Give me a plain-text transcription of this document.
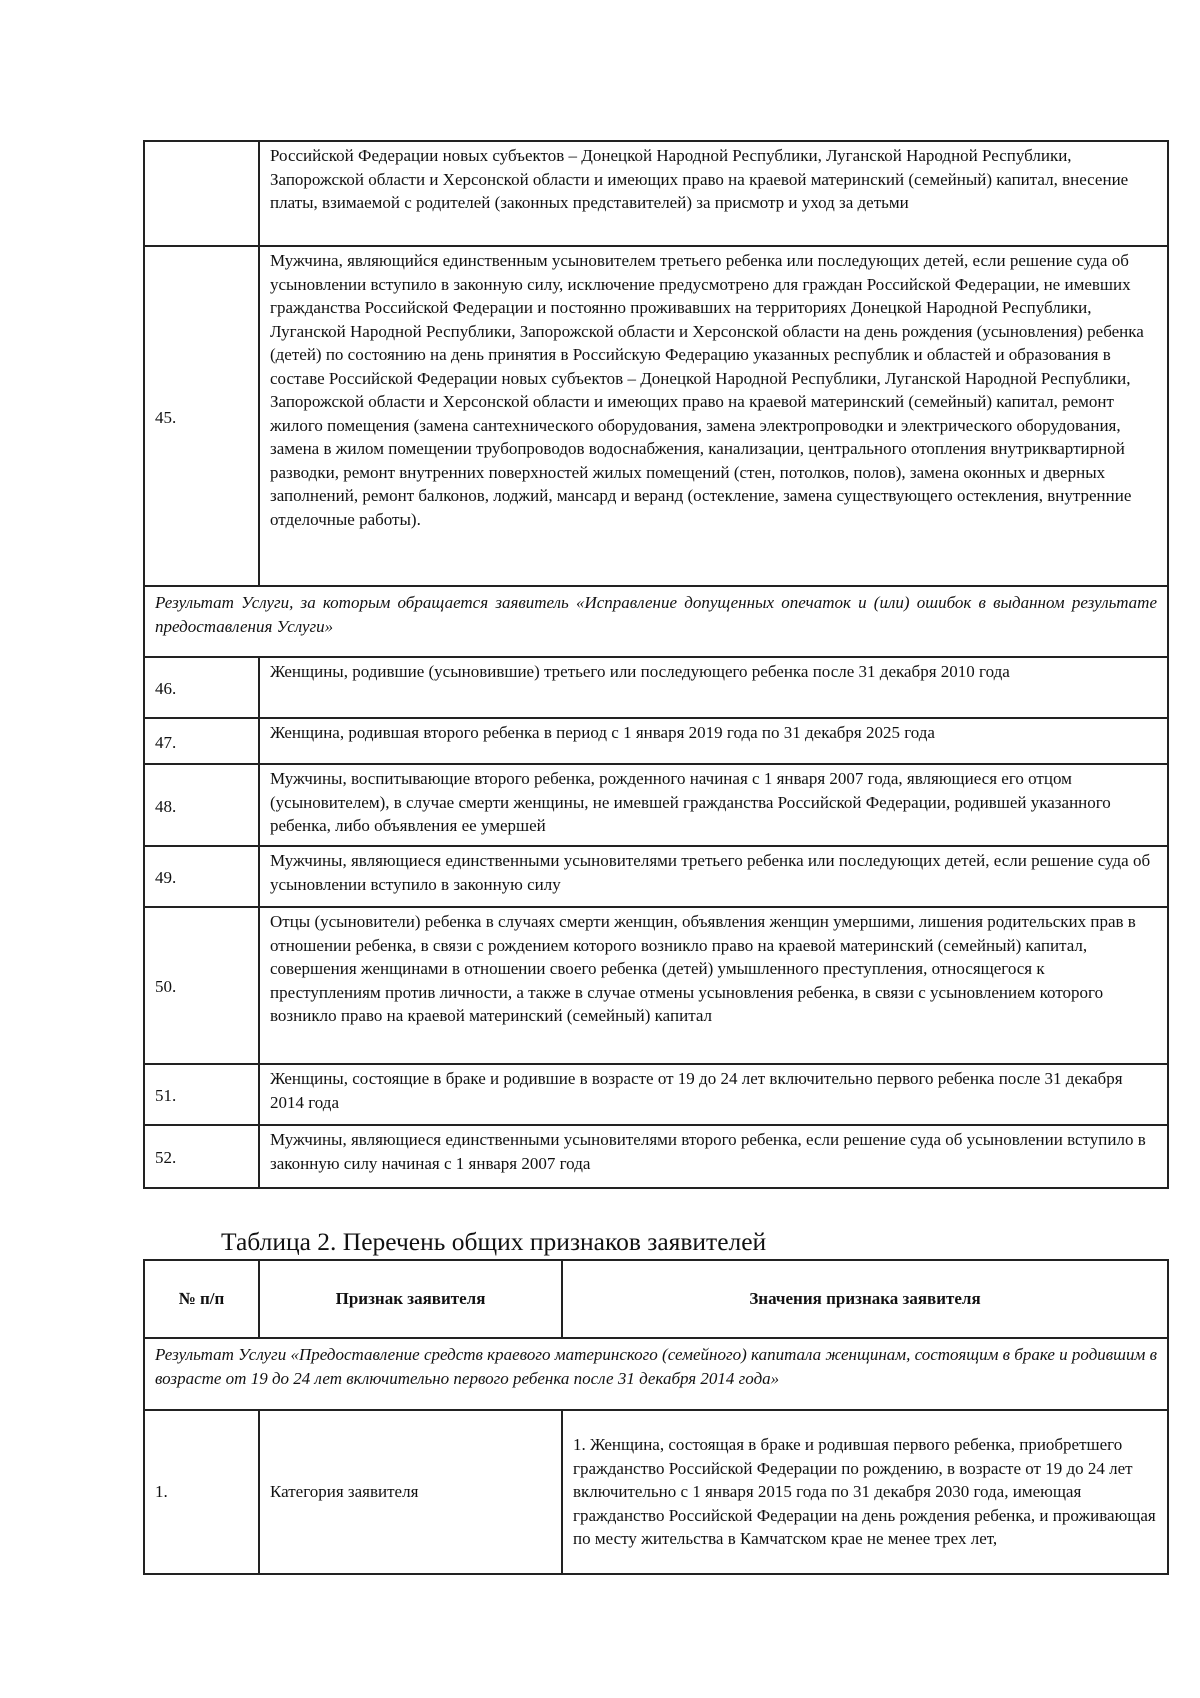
	Российской Федерации новых субъектов – Донецкой Народной Республики, Луганской Народной Республики, Запорожской области и Херсонской области и имеющих право на краевой материнский (семейный) капитал, внесение платы, взимаемой с родителей (законных представителей) за присмотр и уход за детьми
45.	Мужчина, являющийся единственным усыновителем третьего ребенка или последующих детей, если решение суда об усыновлении вступило в законную силу, исключение предусмотрено для граждан Российской Федерации, не имевших гражданства Российской Федерации и постоянно проживавших на территориях Донецкой Народной Республики, Луганской Народной Республики, Запорожской области и Херсонской области на день рождения (усыновления) ребенка (детей) по состоянию на день принятия в Российскую Федерацию указанных республик и областей и образования в составе Российской Федерации новых субъектов – Донецкой Народной Республики, Луганской Народной Республики, Запорожской области и Херсонской области и имеющих право на краевой материнский (семейный) капитал, ремонт жилого помещения (замена сантехнического оборудования, замена электропроводки и электрического оборудования, замена в жилом помещении трубопроводов водоснабжения, канализации, центрального отопления внутриквартирной разводки, ремонт внутренних поверхностей жилых помещений (стен, потолков, полов), замена оконных и дверных заполнений, ремонт балконов, лоджий, мансард и веранд (остекление, замена существующего остекления, внутренние отделочные работы).
Результат Услуги, за которым обращается заявитель «Исправление допущенных опечаток и (или) ошибок в выданном результате предоставления Услуги»	
46.	Женщины, родившие (усыновившие) третьего или последующего ребенка после 31 декабря 2010 года
47.	Женщина, родившая второго ребенка в период с 1 января 2019 года по 31 декабря 2025 года
48.	Мужчины, воспитывающие второго ребенка, рожденного начиная с 1 января 2007 года, являющиеся его отцом (усыновителем), в случае смерти женщины, не имевшей гражданства Российской Федерации, родившей указанного ребенка, либо объявления ее умершей
49.	Мужчины, являющиеся единственными усыновителями третьего ребенка или последующих детей, если решение суда об усыновлении вступило в законную силу
50.	Отцы (усыновители) ребенка в случаях смерти женщин, объявления женщин умершими, лишения родительских прав в отношении ребенка, в связи с рождением которого возникло право на краевой материнский (семейный) капитал, совершения женщинами в отношении своего ребенка (детей) умышленного преступления, относящегося к преступлениям против личности, а также в случае отмены усыновления ребенка, в связи с усыновлением которого возникло право на краевой материнский (семейный) капитал
51.	Женщины, состоящие в браке и родившие в возрасте от 19 до 24 лет включительно первого ребенка после 31 декабря 2014 года
52.	Мужчины, являющиеся единственными усыновителями второго ребенка, если решение суда об усыновлении вступило в законную силу начиная с 1 января 2007 года
Таблица 2. Перечень общих признаков заявителей
№ п/п	Признак заявителя	Значения признака заявителя
Результат Услуги «Предоставление средств краевого материнского (семейного) капитала женщинам, состоящим в браке и родившим в возрасте от 19 до 24 лет включительно первого ребенка после 31 декабря 2014 года»		
1.	Категория заявителя	1. Женщина, состоящая в браке и родившая первого ребенка, приобретшего гражданство Российской Федерации по рождению, в возрасте от 19 до 24 лет включительно с 1 января 2015 года по 31 декабря 2030 года, имеющая гражданство Российской Федерации на день рождения ребенка, и проживающая по месту жительства в Камчатском крае не менее трех лет,
